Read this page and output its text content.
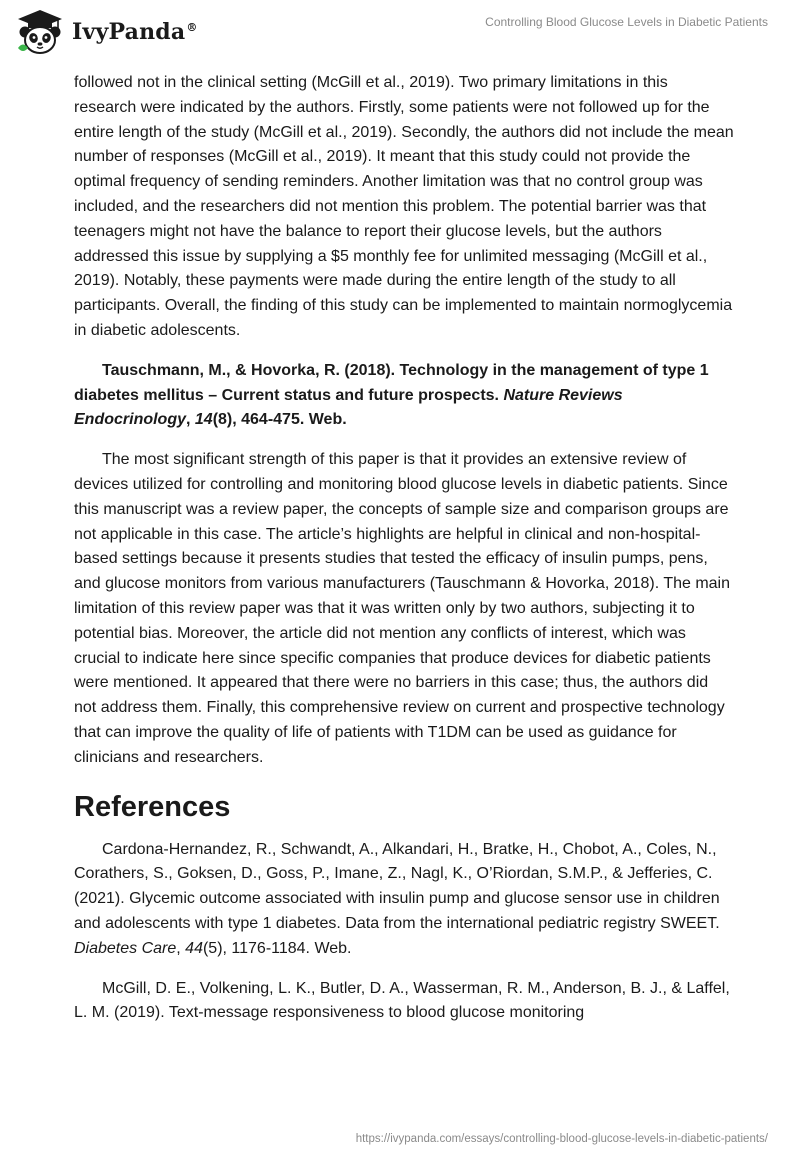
IvyPanda®	Controlling Blood Glucose Levels in Diabetic Patients

followed not in the clinical setting (McGill et al., 2019). Two primary limitations in this research were indicated by the authors. Firstly, some patients were not followed up for the entire length of the study (McGill et al., 2019). Secondly, the authors did not include the mean number of responses (McGill et al., 2019). It meant that this study could not provide the optimal frequency of sending reminders. Another limitation was that no control group was included, and the researchers did not mention this problem. The potential barrier was that teenagers might not have the balance to report their glucose levels, but the authors addressed this issue by supplying a $5 monthly fee for unlimited messaging (McGill et al., 2019). Notably, these payments were made during the entire length of the study to all participants. Overall, the finding of this study can be implemented to maintain normoglycemia in diabetic adolescents.

Tauschmann, M., & Hovorka, R. (2018). Technology in the management of type 1 diabetes mellitus – Current status and future prospects. Nature Reviews Endocrinology, 14(8), 464-475. Web.

The most significant strength of this paper is that it provides an extensive review of devices utilized for controlling and monitoring blood glucose levels in diabetic patients. Since this manuscript was a review paper, the concepts of sample size and comparison groups are not applicable in this case. The article’s highlights are helpful in clinical and non-hospital-based settings because it presents studies that tested the efficacy of insulin pumps, pens, and glucose monitors from various manufacturers (Tauschmann & Hovorka, 2018). The main limitation of this review paper was that it was written only by two authors, subjecting it to potential bias. Moreover, the article did not mention any conflicts of interest, which was crucial to indicate here since specific companies that produce devices for diabetic patients were mentioned. It appeared that there were no barriers in this case; thus, the authors did not address them. Finally, this comprehensive review on current and prospective technology that can improve the quality of life of patients with T1DM can be used as guidance for clinicians and researchers.

References

Cardona-Hernandez, R., Schwandt, A., Alkandari, H., Bratke, H., Chobot, A., Coles, N., Corathers, S., Goksen, D., Goss, P., Imane, Z., Nagl, K., O’Riordan, S.M.P., & Jefferies, C. (2021). Glycemic outcome associated with insulin pump and glucose sensor use in children and adolescents with type 1 diabetes. Data from the international pediatric registry SWEET. Diabetes Care, 44(5), 1176-1184. Web.

McGill, D. E., Volkening, L. K., Butler, D. A., Wasserman, R. M., Anderson, B. J., & Laffel, L. M. (2019). Text-message responsiveness to blood glucose monitoring

https://ivypanda.com/essays/controlling-blood-glucose-levels-in-diabetic-patients/
